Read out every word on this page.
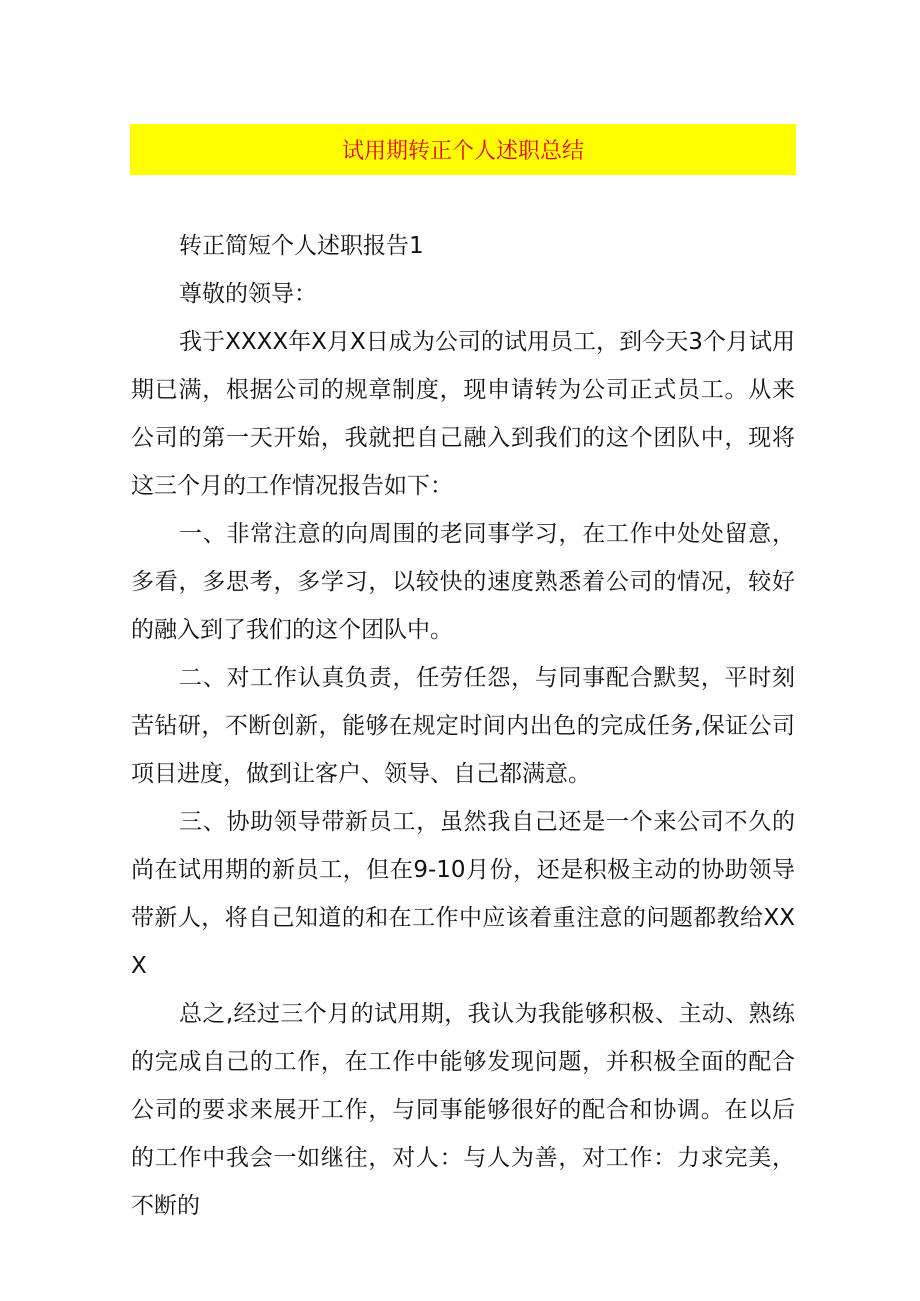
试用期转正个人述职总结

转正简短个人述职报告1

尊敬的领导：

我于XXXX年X月X日成为公司的试用员工，到今天3个月试用期已满，根据公司的规章制度，现申请转为公司正式员工。从来公司的第一天开始，我就把自己融入到我们的这个团队中，现将这三个月的工作情况报告如下：

一、非常注意的向周围的老同事学习，在工作中处处留意，多看，多思考，多学习，以较快的速度熟悉着公司的情况，较好的融入到了我们的这个团队中。

二、对工作认真负责，任劳任怨，与同事配合默契，平时刻苦钻研，不断创新，能够在规定时间内出色的完成任务,保证公司项目进度，做到让客户、领导、自己都满意。

三、协助领导带新员工，虽然我自己还是一个来公司不久的尚在试用期的新员工，但在9-10月份，还是积极主动的协助领导带新人，将自己知道的和在工作中应该着重注意的问题都教给XXX

总之,经过三个月的试用期，我认为我能够积极、主动、熟练的完成自己的工作，在工作中能够发现问题，并积极全面的配合公司的要求来展开工作，与同事能够很好的配合和协调。在以后的工作中我会一如继往，对人：与人为善，对工作：力求完美，不断的
